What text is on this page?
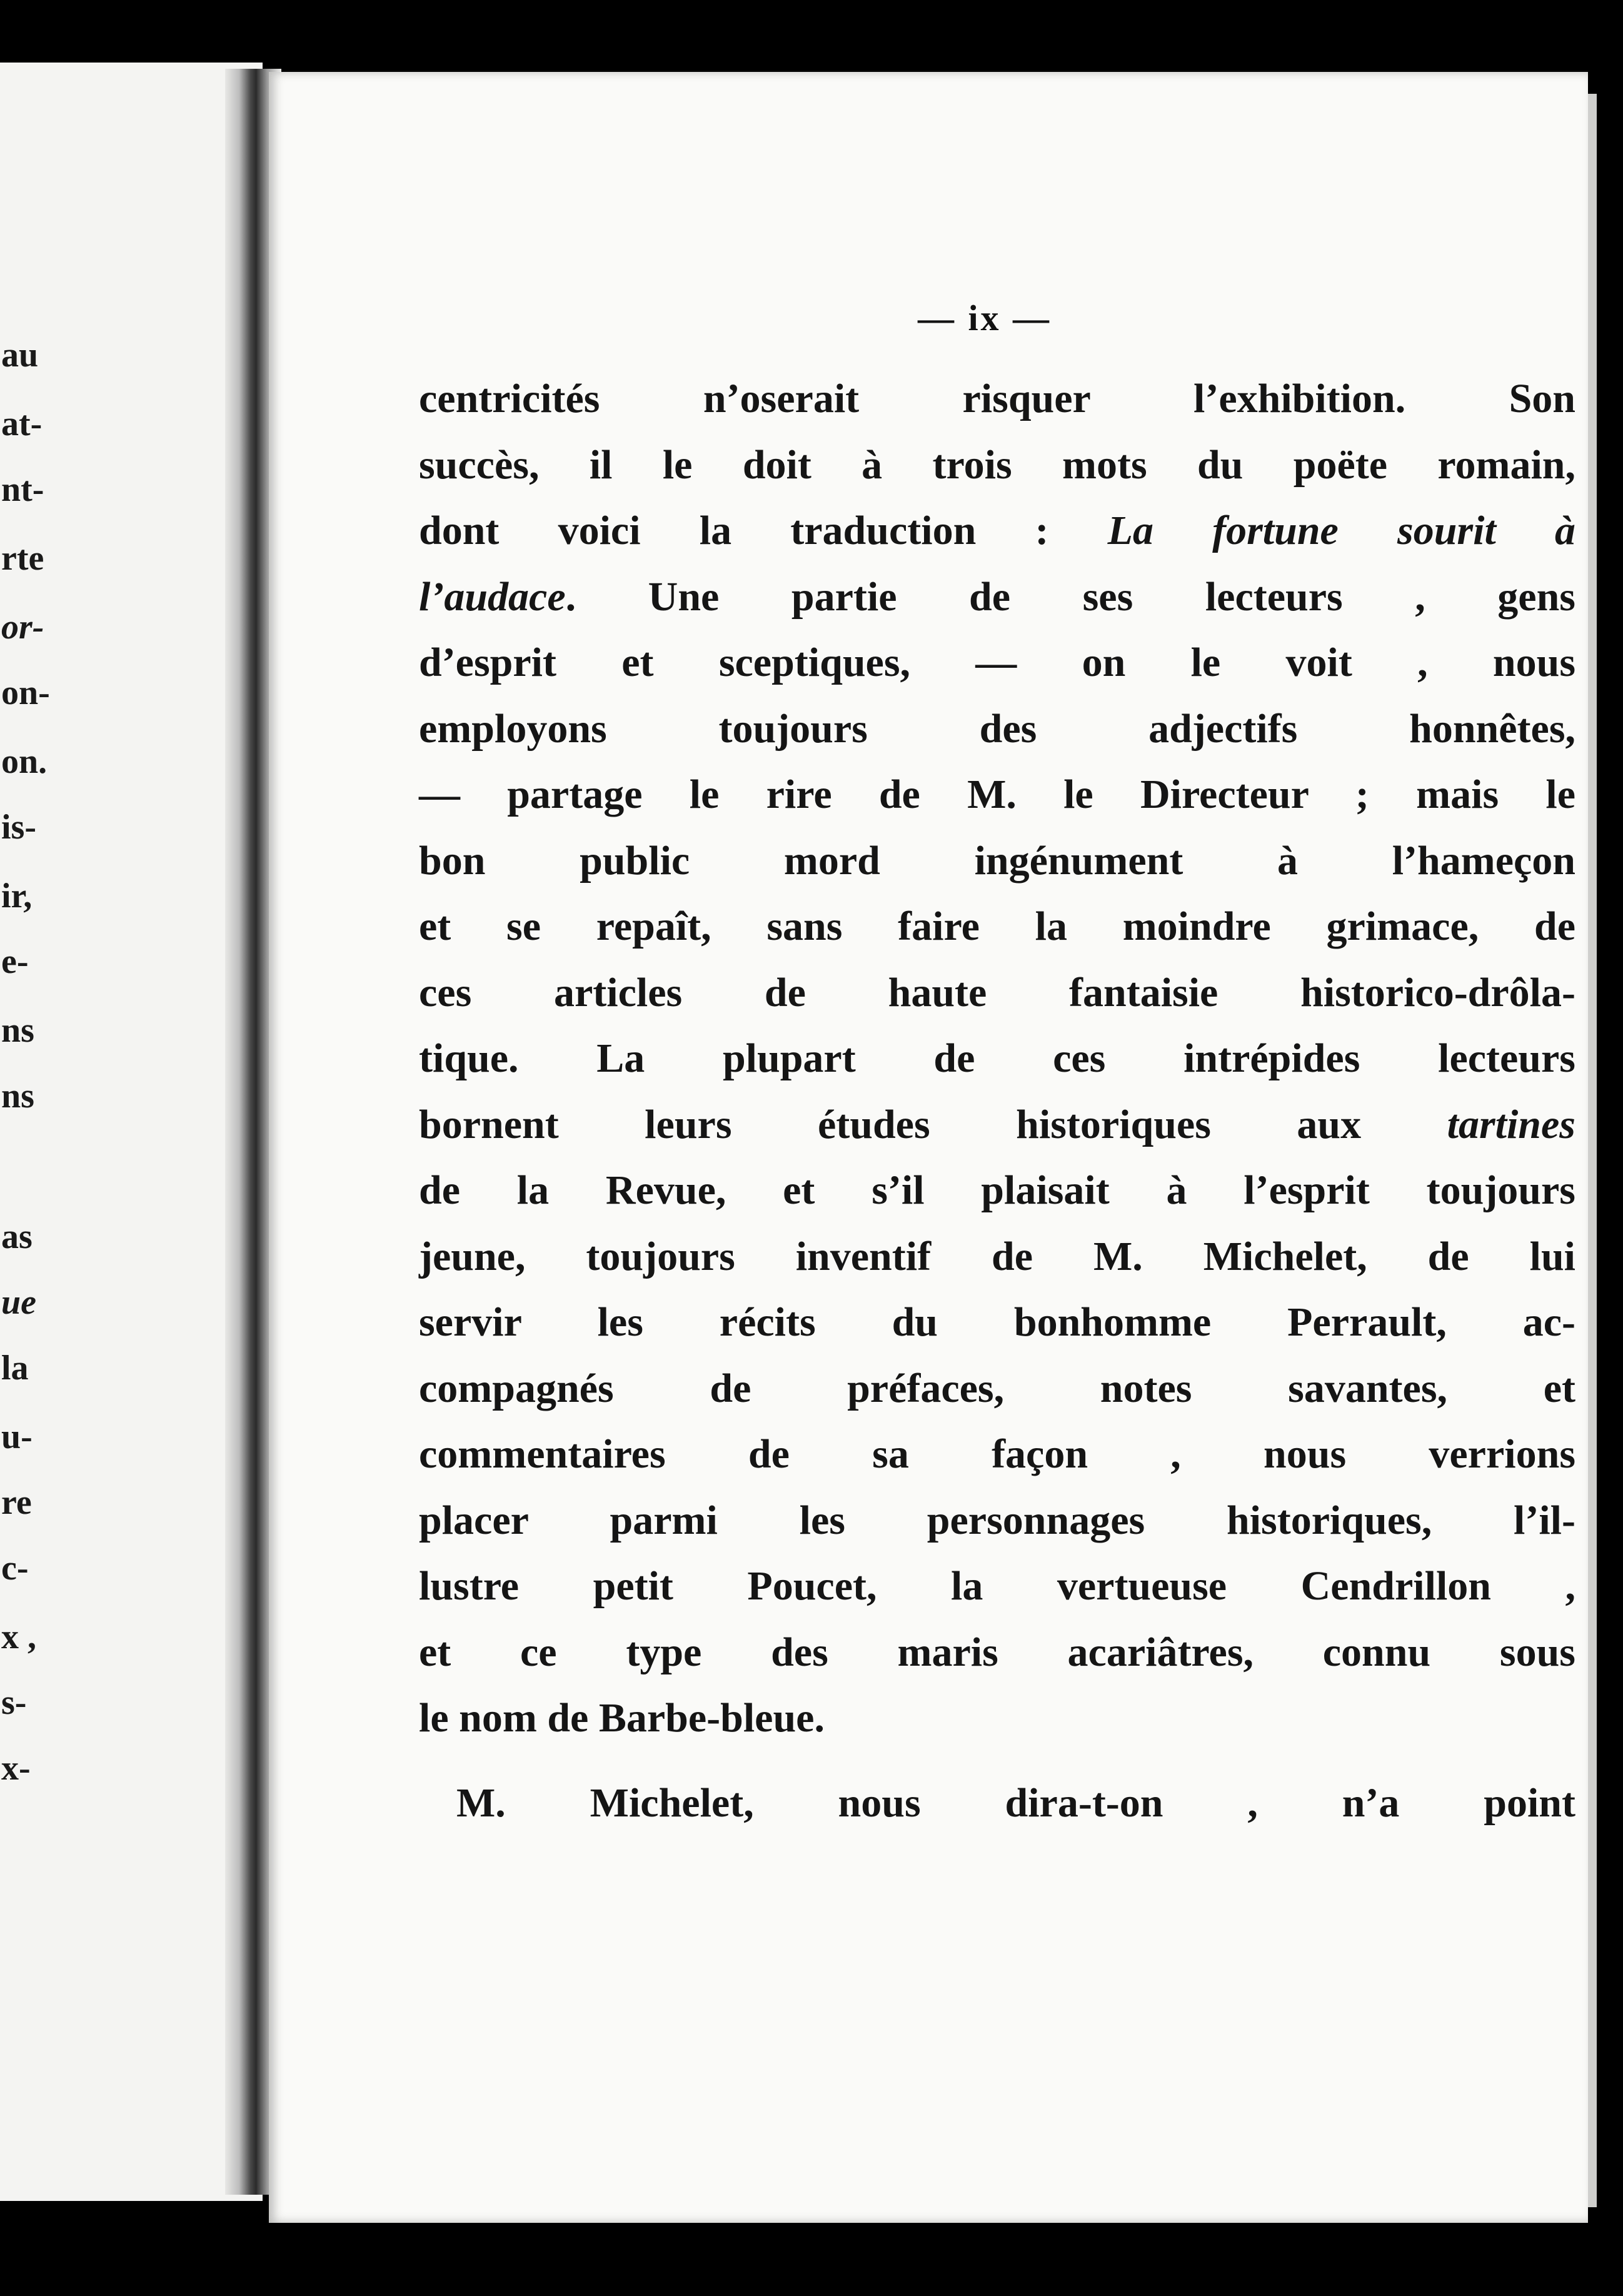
au
at-
nt-
rte
or-
on-
on.
is-
ir,
e-
ns
ns
as
ue
la
u-
re
c-
x ,
s-
x-
— ix —
centricités n’oserait risquer l’exhibition. Son
succès, il le doit à trois mots du poëte romain,
dont voici la traduction : La fortune sourit à
l’audace. Une partie de ses lecteurs , gens
d’esprit et sceptiques, — on le voit , nous
employons toujours des adjectifs honnêtes,
— partage le rire de M. le Directeur ; mais le
bon public mord ingénument à l’hameçon
et se repaît, sans faire la moindre grimace, de
ces articles de haute fantaisie historico-drôla-
tique. La plupart de ces intrépides lecteurs
bornent leurs études historiques aux tartines
de la Revue, et s’il plaisait à l’esprit toujours
jeune, toujours inventif de M. Michelet, de lui
servir les récits du bonhomme Perrault, ac-
compagnés de préfaces, notes savantes, et
commentaires de sa façon , nous verrions
placer parmi les personnages historiques, l’il-
lustre petit Poucet, la vertueuse Cendrillon ,
et ce type des maris acariâtres, connu sous
le nom de Barbe-bleue.
M. Michelet, nous dira-t-on , n’a point
